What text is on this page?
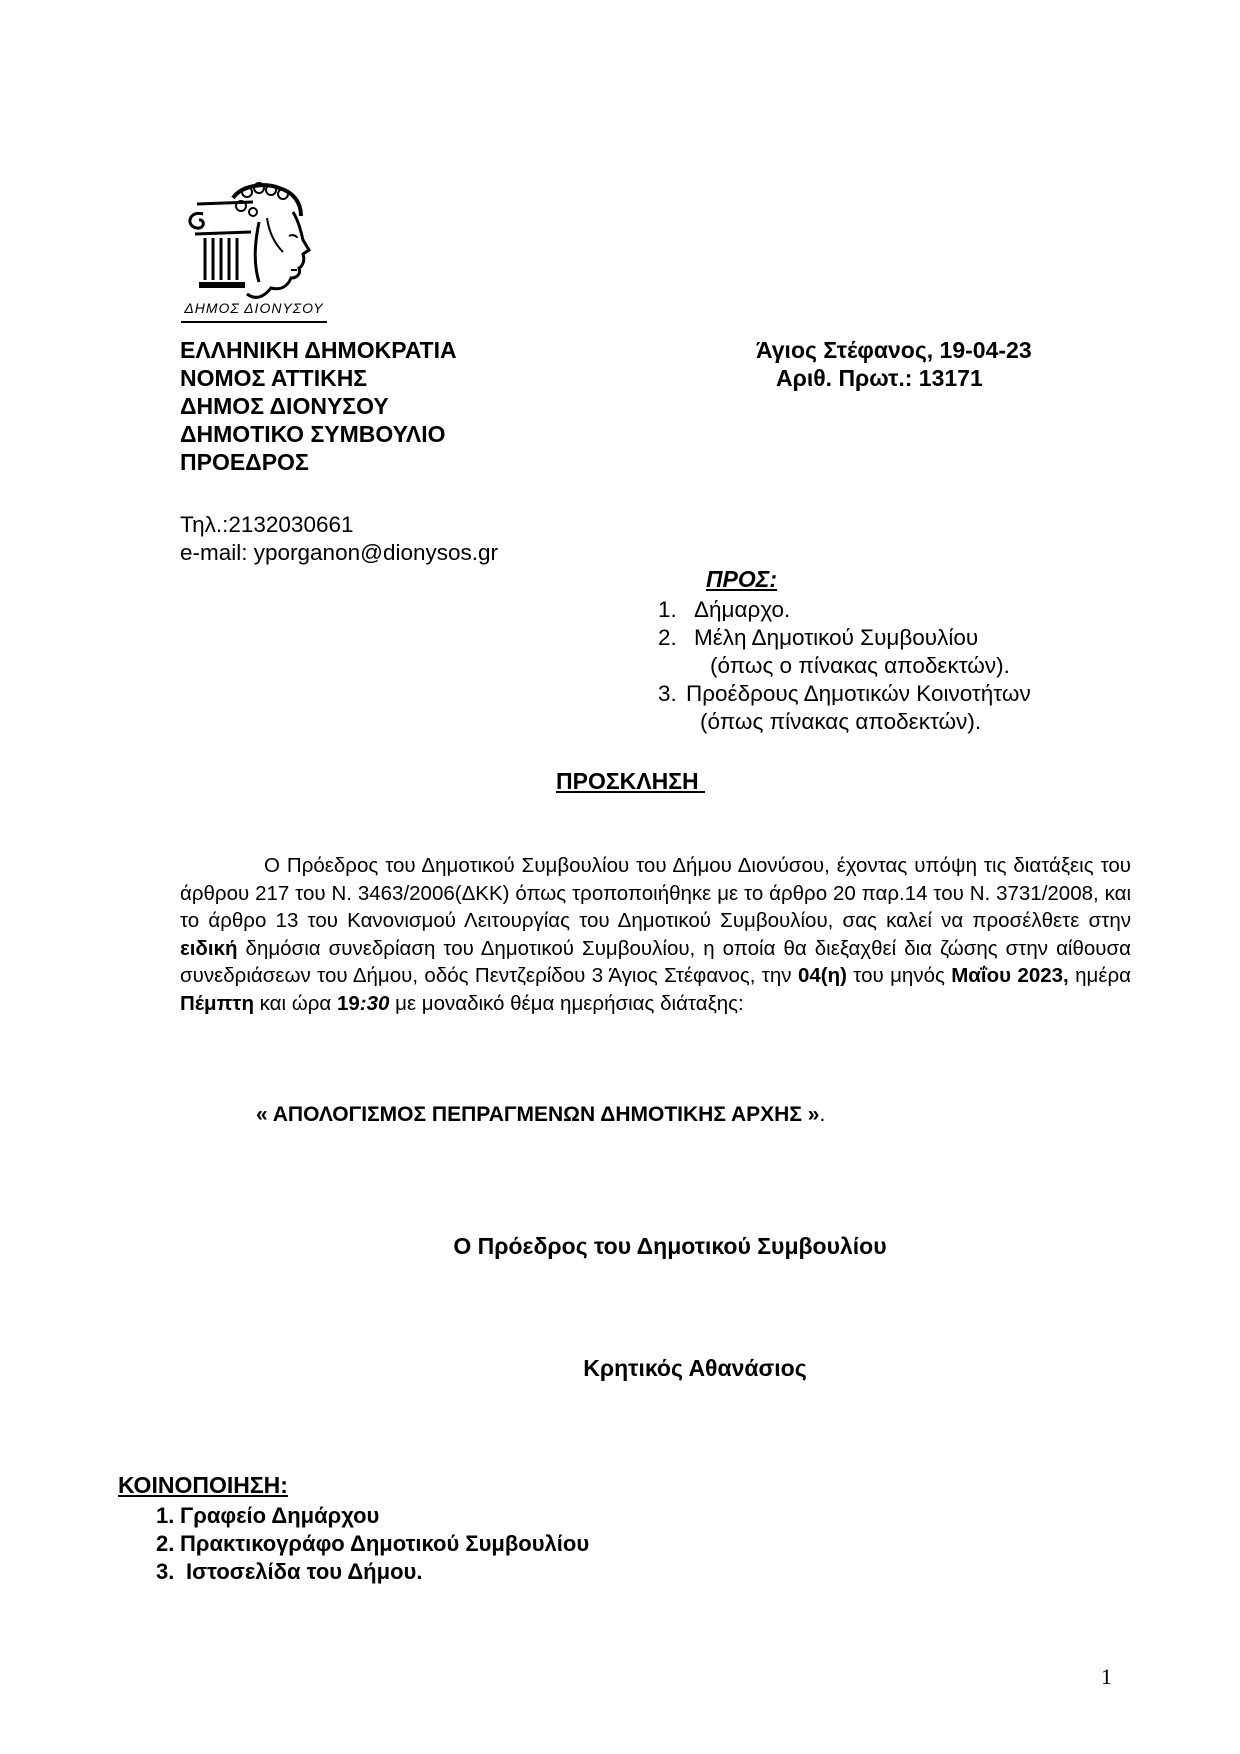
ΔΗΜΟΣ ΔΙΟΝΥΣΟΥ
ΕΛΛΗΝΙΚΗ ΔΗΜΟΚΡΑΤΙΑ
ΝΟΜΟΣ ΑΤΤΙΚΗΣ
ΔΗΜΟΣ ΔΙΟΝΥΣΟΥ
ΔΗΜΟΤΙΚΟ ΣΥΜΒΟΥΛΙΟ
ΠΡΟΕΔΡΟΣ
Τηλ.:2132030661
e-mail: yporganon@dionysos.gr
Άγιος Στέφανος, 19-04-23
Αριθ. Πρωτ.: 13171
ΠΡΟΣ:
1. Δήμαρχο.
2. Μέλη Δημοτικού Συμβουλίου
(όπως ο πίνακας αποδεκτών).
3. Προέδρους Δημοτικών Κοινοτήτων
(όπως πίνακας αποδεκτών).
ΠΡΟΣΚΛΗΣΗ
Ο Πρόεδρος του Δημοτικού Συμβουλίου του Δήμου Διονύσου, έχοντας υπόψη τις διατάξεις του άρθρου 217 του Ν. 3463/2006(ΔΚΚ) όπως τροποποιήθηκε με το άρθρο 20 παρ.14 του Ν. 3731/2008, και το άρθρο 13 του Κανονισμού Λειτουργίας του Δημοτικού Συμβουλίου, σας καλεί να προσέλθετε στην ειδική δημόσια συνεδρίαση του Δημοτικού Συμβουλίου, η οποία θα διεξαχθεί δια ζώσης στην αίθουσα συνεδριάσεων του Δήμου, οδός Πεντζερίδου 3 Άγιος Στέφανος, την 04(η) του μηνός Μαΐου 2023, ημέρα Πέμπτη και ώρα 19:30 με μοναδικό θέμα ημερήσιας διάταξης:
« ΑΠΟΛΟΓΙΣΜΟΣ ΠΕΠΡΑΓΜΕΝΩΝ ΔΗΜΟΤΙΚΗΣ ΑΡΧΗΣ ».
Ο Πρόεδρος του Δημοτικού Συμβουλίου
Κρητικός Αθανάσιος
ΚΟΙΝΟΠΟΙΗΣΗ:
1. Γραφείο Δημάρχου
2. Πρακτικογράφο Δημοτικού Συμβουλίου
3. Ιστοσελίδα του Δήμου.
1
